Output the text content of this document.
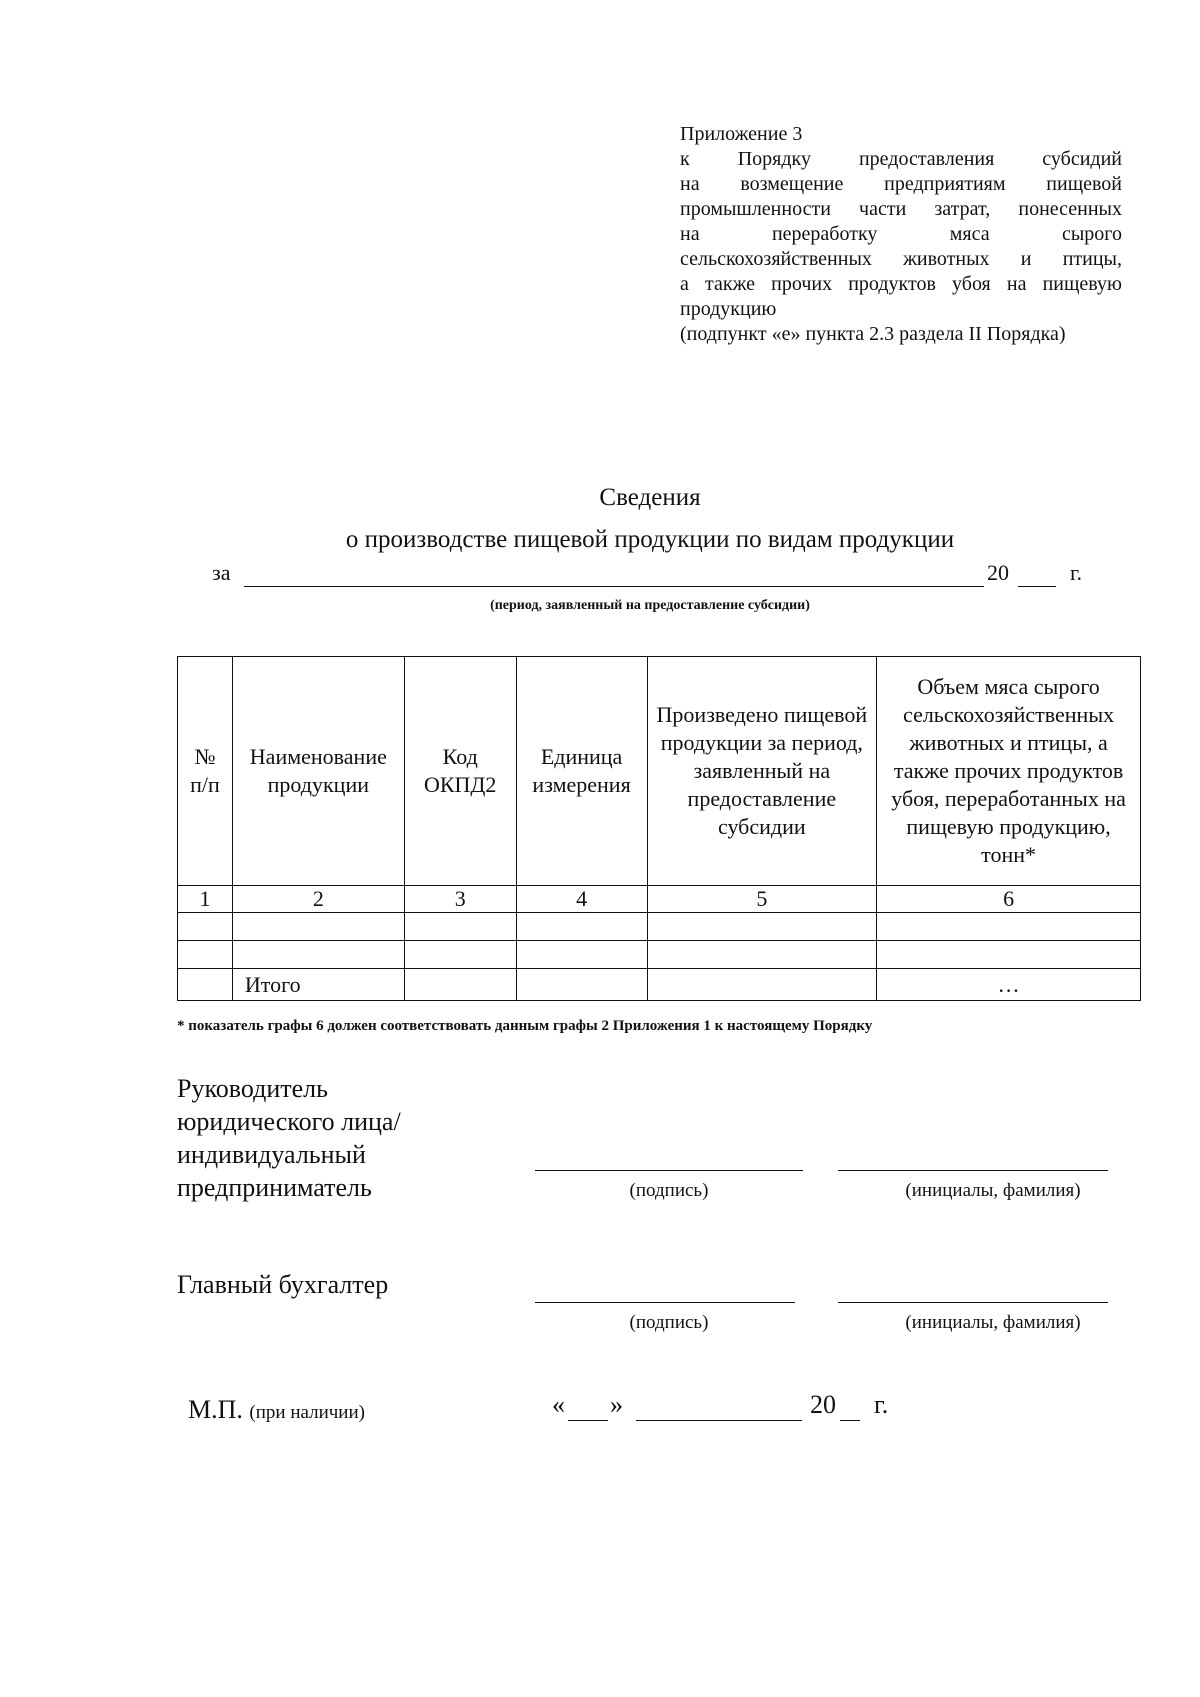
Приложение 3
к Порядку предоставления субсидий
на возмещение предприятиям пищевой
промышленности части затрат, понесенных
на переработку мяса сырого
сельскохозяйственных животных и птицы,
а также прочих продуктов убоя на пищевую
продукцию
(подпункт «е» пункта 2.3 раздела II Порядка)
Сведения
о производстве пищевой продукции по видам продукции
за	20	г.
(период, заявленный на предоставление субсидии)
№ п/п	Наименование продукции	Код ОКПД2	Единица измерения	Произведено пищевой продукции за период, заявленный на предоставление субсидии	Объем мяса сырого сельскохозяйственных животных и птицы, а также прочих продуктов убоя, переработанных на пищевую продукцию, тонн*
1	2	3	4	5	6

	Итого				…
* показатель графы 6 должен соответствовать данным графы 2 Приложения 1 к настоящему Порядку
Руководитель
юридического лица/
индивидуальный
предприниматель	(подпись)	(инициалы, фамилия)
Главный бухгалтер
(подпись)	(инициалы, фамилия)
М.П. (при наличии)	« »	20 г.
